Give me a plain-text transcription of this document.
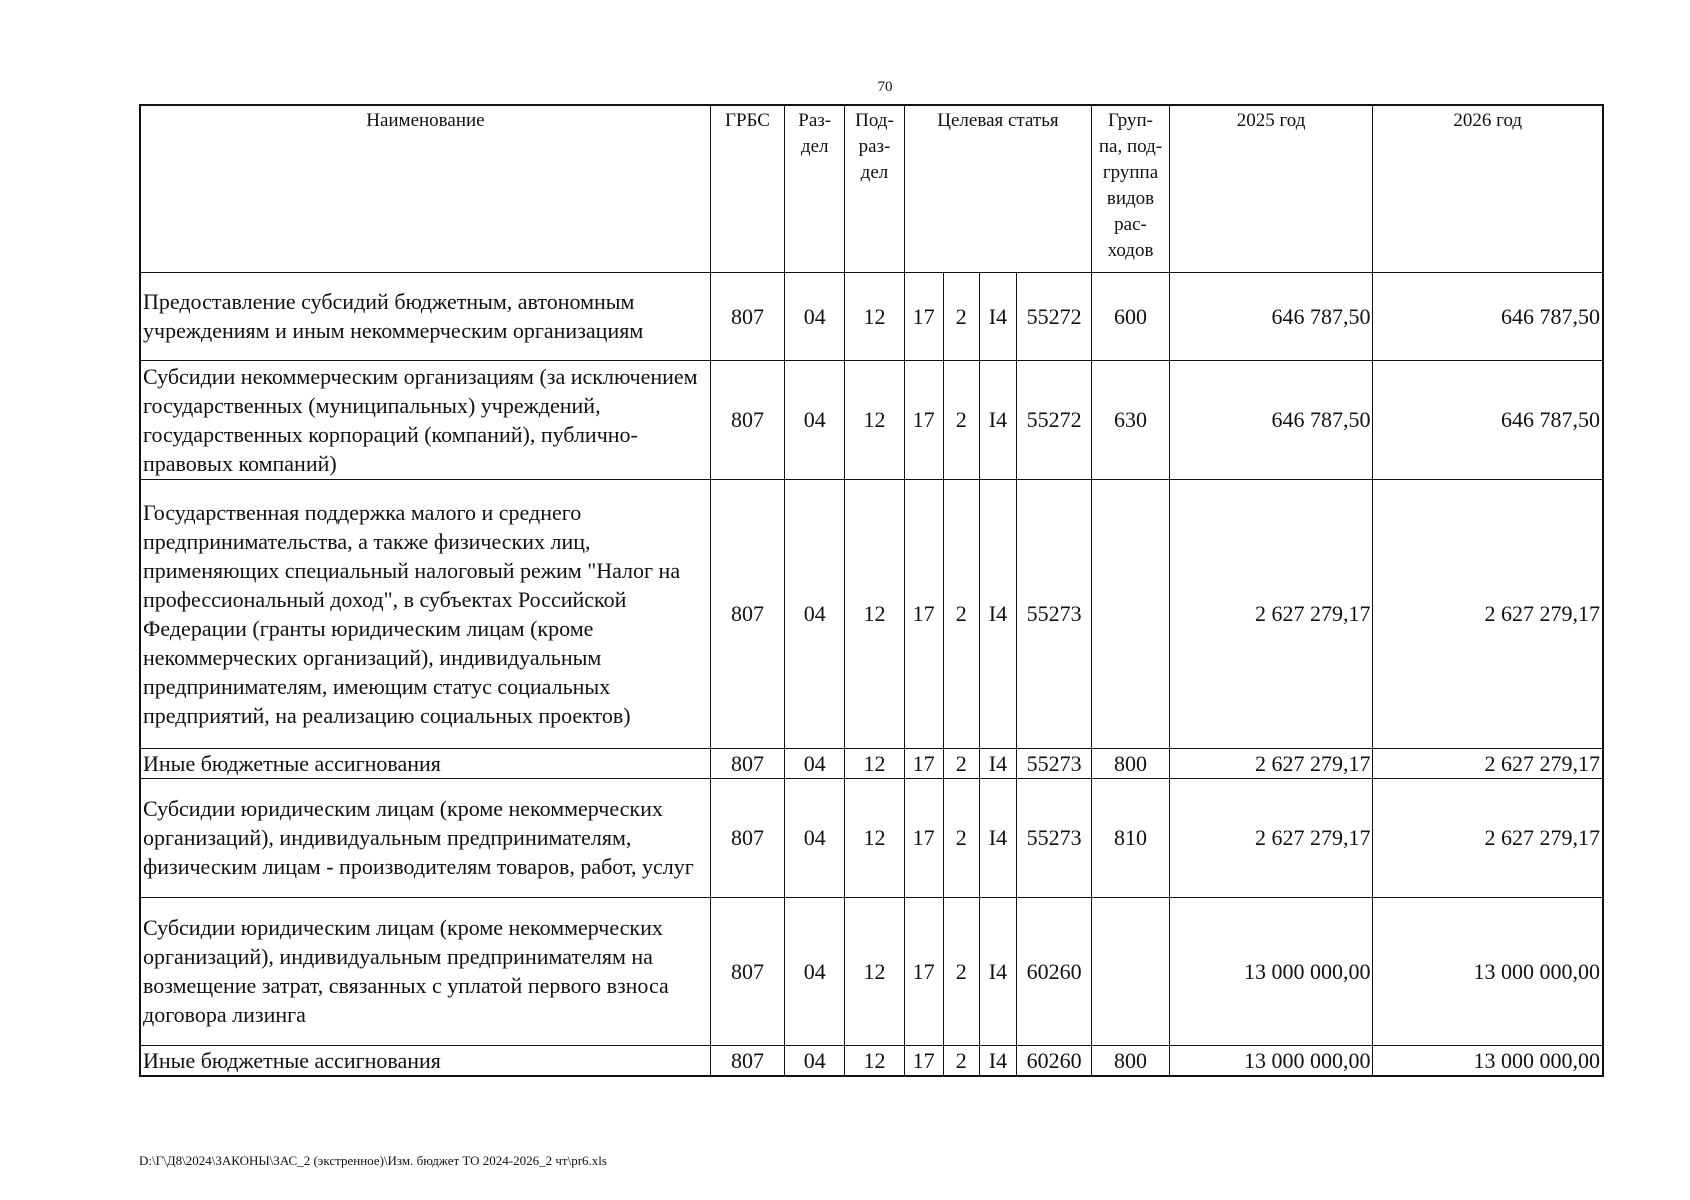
70
Наименование	ГРБС	Раз- дел	Под- раз- дел	Целевая статья				Груп- па, под- группа видов рас- ходов	2025 год	2026 год
Предоставление субсидий бюджетным, автономным учреждениям и иным некоммерческим организациям	807	04	12	17	2	I4	55272	600	646 787,50	646 787,50
Субсидии некоммерческим организациям (за исключением государственных (муниципальных) учреждений, государственных корпораций (компаний), публично-правовых компаний)	807	04	12	17	2	I4	55272	630	646 787,50	646 787,50
Государственная поддержка малого и среднего предпринимательства, а также физических лиц, применяющих специальный налоговый режим "Налог на профессиональный доход", в субъектах Российской Федерации (гранты юридическим лицам (кроме некоммерческих организаций), индивидуальным предпринимателям, имеющим статус социальных предприятий, на реализацию социальных проектов)	807	04	12	17	2	I4	55273		2 627 279,17	2 627 279,17
Иные бюджетные ассигнования	807	04	12	17	2	I4	55273	800	2 627 279,17	2 627 279,17
Субсидии юридическим лицам (кроме некоммерческих организаций), индивидуальным предпринимателям, физическим лицам - производителям товаров, работ, услуг	807	04	12	17	2	I4	55273	810	2 627 279,17	2 627 279,17
Субсидии юридическим лицам (кроме некоммерческих организаций), индивидуальным предпринимателям на возмещение затрат, связанных с уплатой первого взноса договора лизинга	807	04	12	17	2	I4	60260		13 000 000,00	13 000 000,00
Иные бюджетные ассигнования	807	04	12	17	2	I4	60260	800	13 000 000,00	13 000 000,00
D:\Г\Д8\2024\ЗАКОНЫ\ЗАС_2 (экстренное)\Изм. бюджет ТО 2024-2026_2 чт\pr6.xls
